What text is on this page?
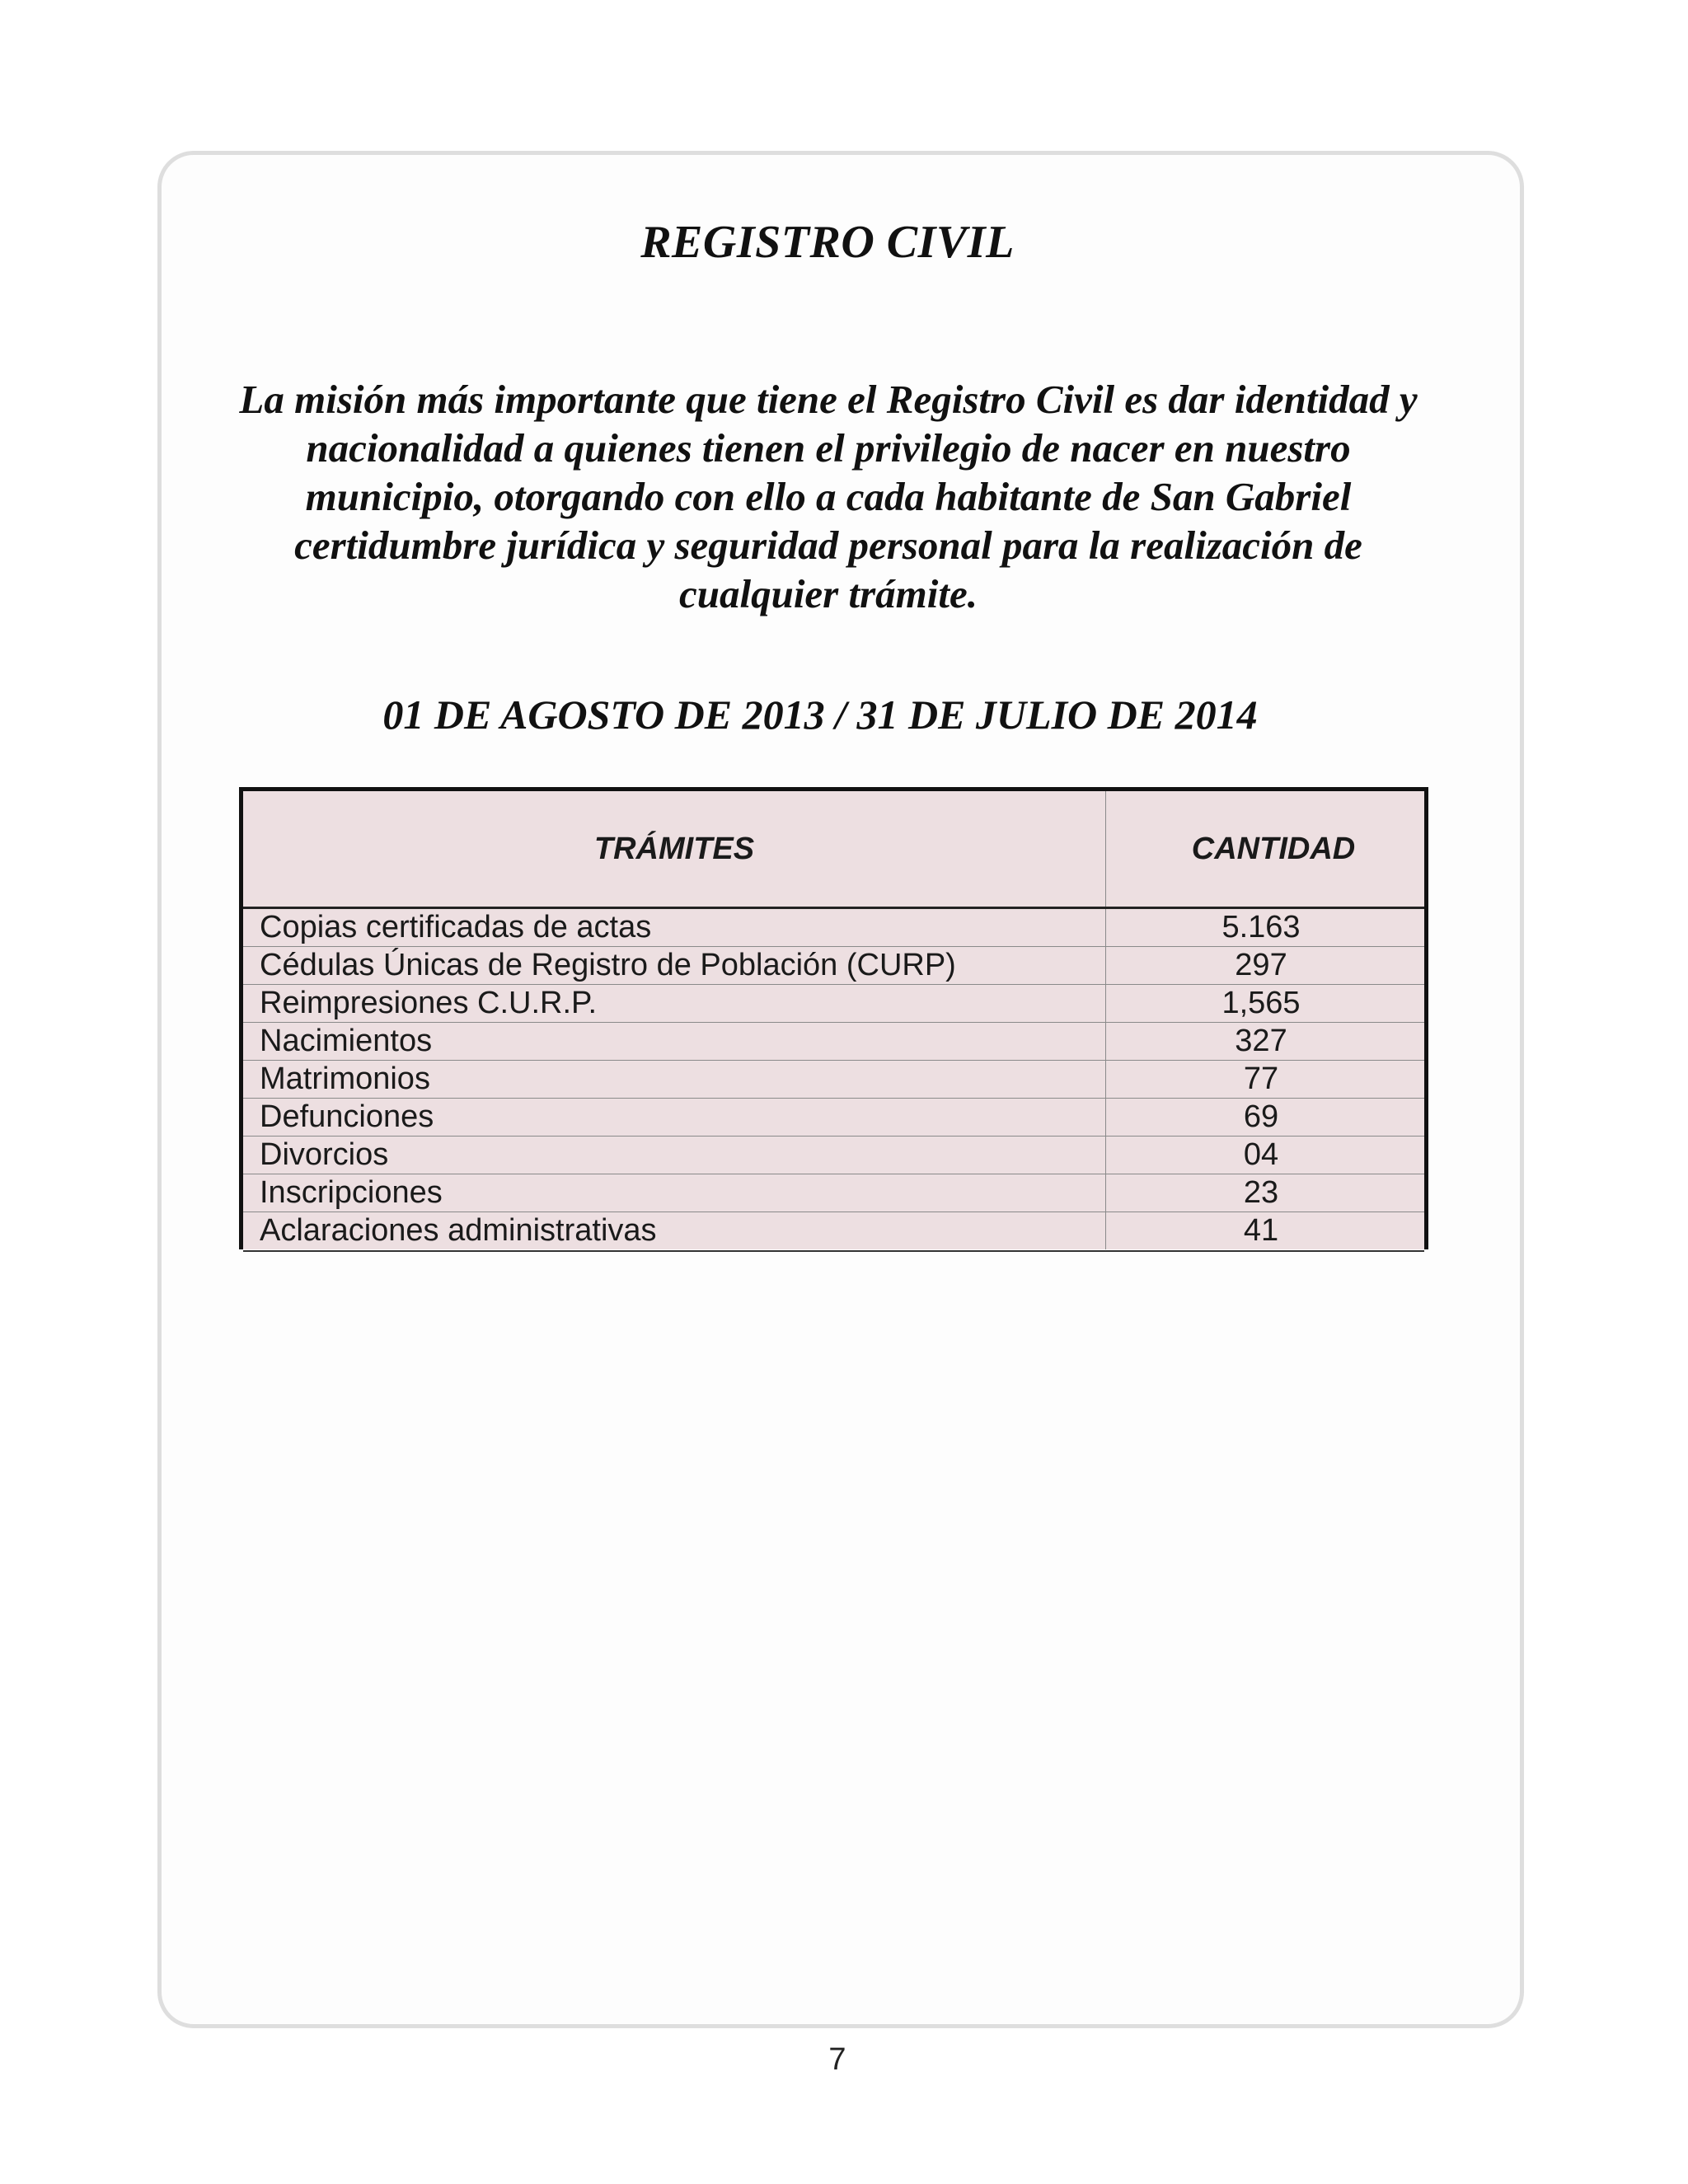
REGISTRO CIVIL

La misión más importante que tiene el Registro Civil es dar identidad y nacionalidad a quienes tienen el privilegio de nacer en nuestro municipio, otorgando con ello a cada habitante de San Gabriel certidumbre jurídica y seguridad personal para la realización de cualquier trámite.

01 DE AGOSTO DE 2013 / 31 DE JULIO DE 2014
TRÁMITES	CANTIDAD
Copias certificadas de actas	5.163
Cédulas Únicas de Registro de Población (CURP)	297
Reimpresiones C.U.R.P.	1,565
Nacimientos	327
Matrimonios	77
Defunciones	69
Divorcios	04
Inscripciones	23
Aclaraciones administrativas	41
7
